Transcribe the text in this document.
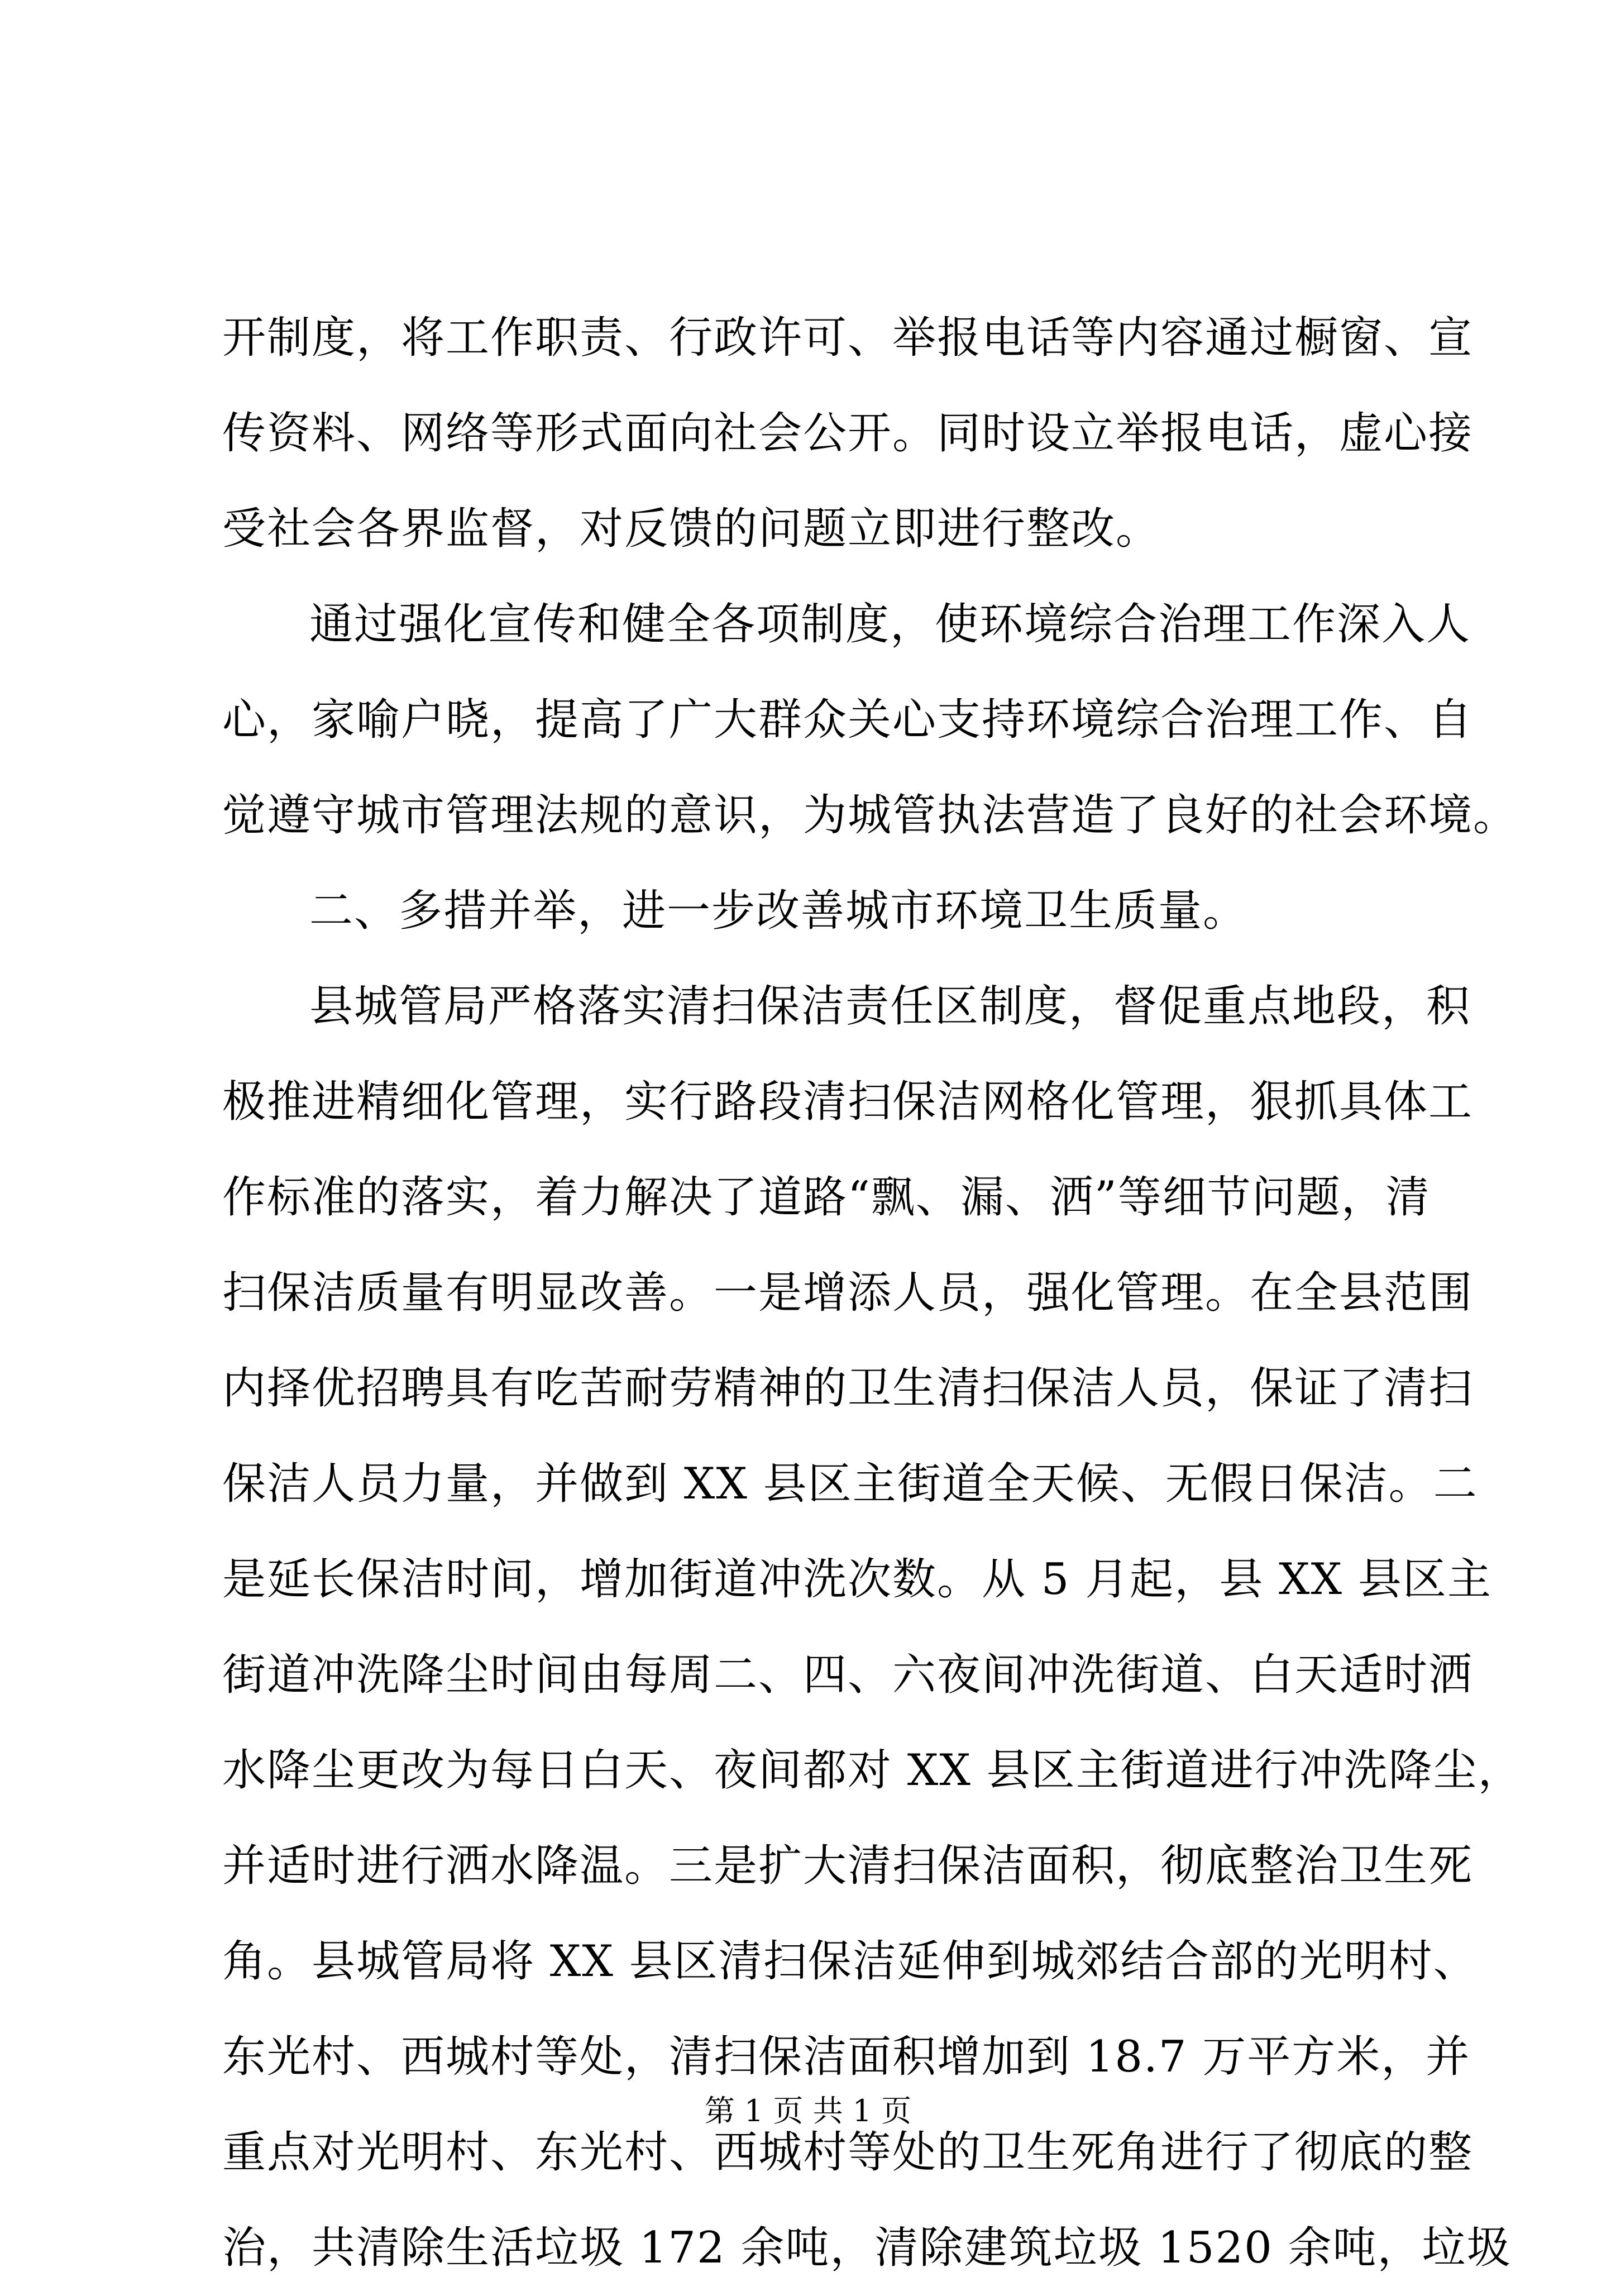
开制度，将工作职责、行政许可、举报电话等内容通过橱窗、宣
传资料、网络等形式面向社会公开。同时设立举报电话，虚心接
受社会各界监督，对反馈的问题立即进行整改。
通过强化宣传和健全各项制度，使环境综合治理工作深入人
心，家喻户晓，提高了广大群众关心支持环境综合治理工作、自
觉遵守城市管理法规的意识，为城管执法营造了良好的社会环境。
二、多措并举，进一步改善城市环境卫生质量。
县城管局严格落实清扫保洁责任区制度，督促重点地段，积
极推进精细化管理，实行路段清扫保洁网格化管理，狠抓具体工
作标准的落实，着力解决了道路“飘、漏、洒”等细节问题，清
扫保洁质量有明显改善。一是增添人员，强化管理。在全县范围
内择优招聘具有吃苦耐劳精神的卫生清扫保洁人员，保证了清扫
保洁人员力量，并做到 XX 县区主街道全天候、无假日保洁。二
是延长保洁时间，增加街道冲洗次数。从 5 月起，县 XX 县区主
街道冲洗降尘时间由每周二、四、六夜间冲洗街道、白天适时洒
水降尘更改为每日白天、夜间都对 XX 县区主街道进行冲洗降尘，
并适时进行洒水降温。三是扩大清扫保洁面积，彻底整治卫生死
角。县城管局将 XX 县区清扫保洁延伸到城郊结合部的光明村、
东光村、西城村等处，清扫保洁面积增加到 18.7 万平方米，并
重点对光明村、东光村、西城村等处的卫生死角进行了彻底的整
治，共清除生活垃圾 172 余吨，清除建筑垃圾 1520 余吨，垃圾
第 1 页 共 1 页
